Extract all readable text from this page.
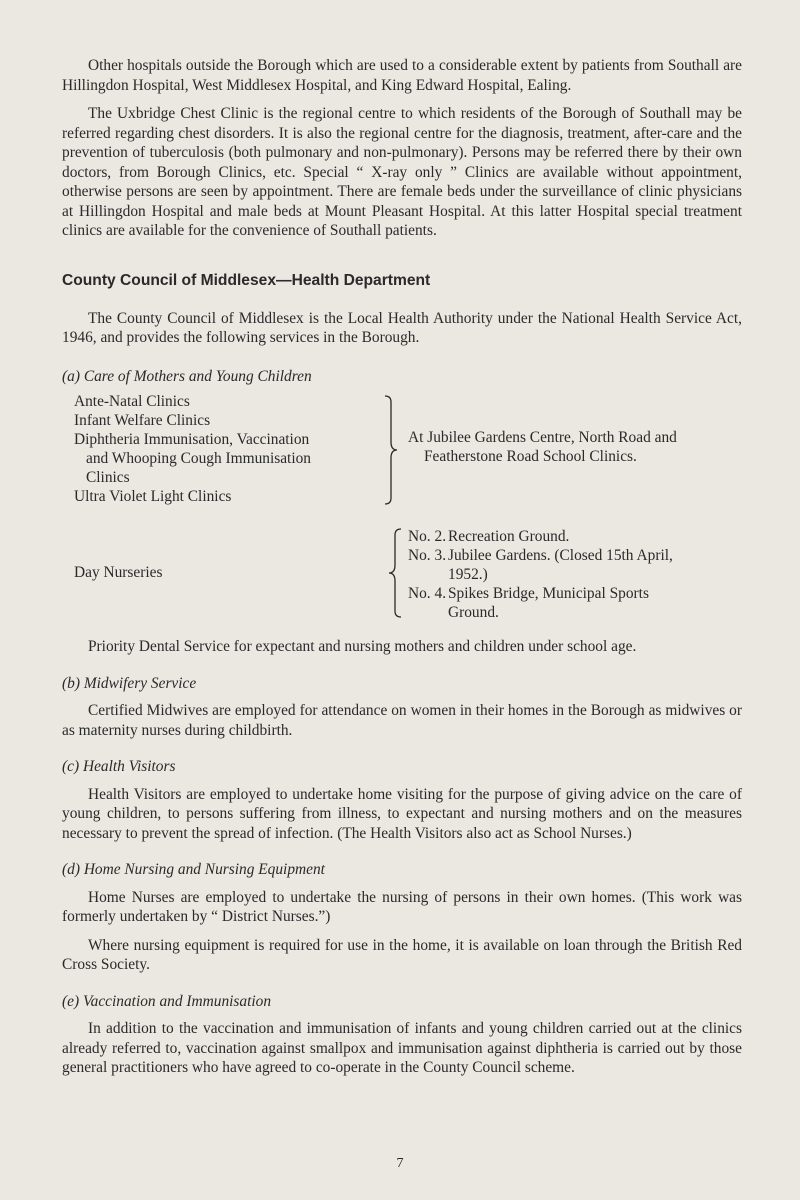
Other hospitals outside the Borough which are used to a considerable extent by patients from Southall are Hillingdon Hospital, West Middlesex Hospital, and King Edward Hospital, Ealing.

The Uxbridge Chest Clinic is the regional centre to which residents of the Borough of Southall may be referred regarding chest disorders. It is also the regional centre for the diagnosis, treatment, after-care and the prevention of tuberculosis (both pulmonary and non-pulmonary). Persons may be referred there by their own doctors, from Borough Clinics, etc. Special “ X-ray only ” Clinics are available without appointment, otherwise persons are seen by appointment. There are female beds under the surveillance of clinic physicians at Hillingdon Hospital and male beds at Mount Pleasant Hospital. At this latter Hospital special treatment clinics are available for the convenience of Southall patients.

County Council of Middlesex—Health Department

The County Council of Middlesex is the Local Health Authority under the National Health Service Act, 1946, and provides the following services in the Borough.

(a) Care of Mothers and Young Children
Ante-Natal Clinics
Infant Welfare Clinics
Diphtheria Immunisation, Vaccination
and Whooping Cough Immunisation
Clinics
Ultra Violet Light Clinics
At Jubilee Gardens Centre, North Road and
Featherstone Road School Clinics.
Day Nurseries
No. 2. Recreation Ground.
No. 3. Jubilee Gardens. (Closed 15th April,
1952.)
No. 4. Spikes Bridge, Municipal Sports
Ground.

Priority Dental Service for expectant and nursing mothers and children under school age.

(b) Midwifery Service

Certified Midwives are employed for attendance on women in their homes in the Borough as midwives or as maternity nurses during childbirth.

(c) Health Visitors

Health Visitors are employed to undertake home visiting for the purpose of giving advice on the care of young children, to persons suffering from illness, to expectant and nursing mothers and on the measures necessary to prevent the spread of infection. (The Health Visitors also act as School Nurses.)

(d) Home Nursing and Nursing Equipment

Home Nurses are employed to undertake the nursing of persons in their own homes. (This work was formerly undertaken by “ District Nurses.”)

Where nursing equipment is required for use in the home, it is available on loan through the British Red Cross Society.

(e) Vaccination and Immunisation

In addition to the vaccination and immunisation of infants and young children carried out at the clinics already referred to, vaccination against smallpox and immunisation against diphtheria is carried out by those general practitioners who have agreed to co-operate in the County Council scheme.

7
